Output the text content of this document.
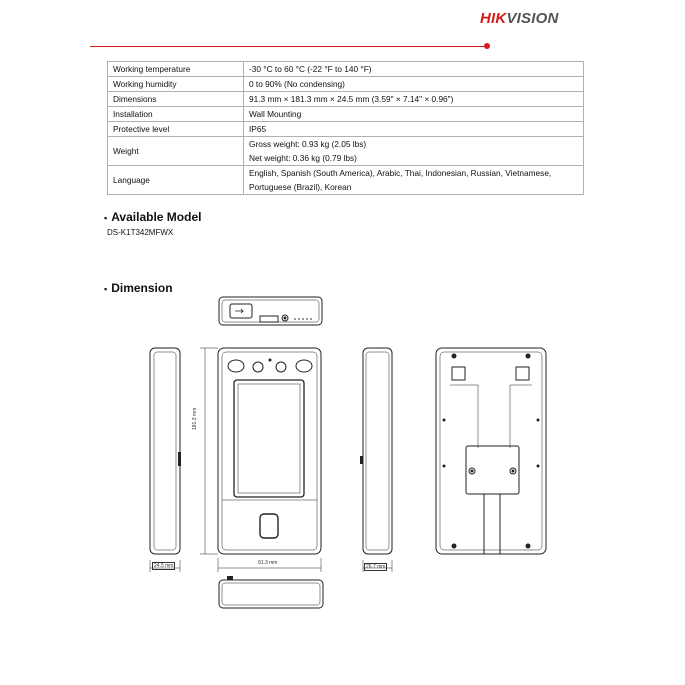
HIKVISION
Working temperature	-30 °C to 60 °C (-22 °F to 140 °F)

Working humidity	0 to 90% (No condensing)

Dimensions	91.3 mm × 181.3 mm × 24.5 mm (3.59" × 7.14" × 0.96")

Installation	Wall Mounting

Protective level	IP65

Weight	Gross weight: 0.93 kg (2.05 lbs)
Net weight: 0.36 kg (0.79 lbs)

Language	English, Spanish (South America), Arabic, Thai, Indonesian, Russian, Vietnamese,
Portuguese (Brazil), Korean
▪ Available Model
DS-K1T342MFWX
▪ Dimension
181.3 mm
91.3 mm
24.5 mm	26.7 mm
